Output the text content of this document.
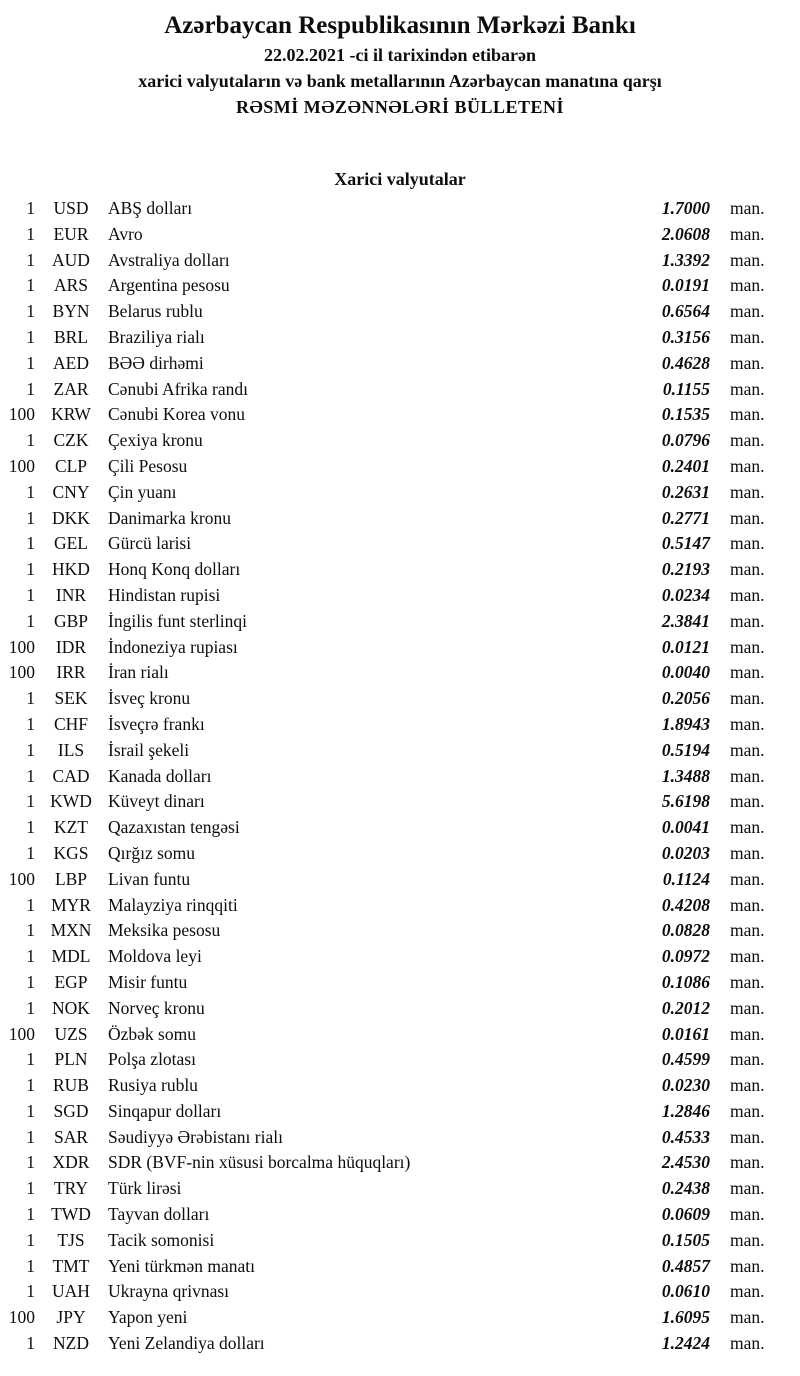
Azərbaycan Respublikasının Mərkəzi Bankı

22.02.2021 -ci il tarixindən etibarən

xarici valyutaların və bank metallarının Azərbaycan manatına qarşı

RƏSMİ MƏZƏNNƏLƏRİ BÜLLETENİ

Xarici valyutalar
1	USD	ABŞ dolları	1.7000 man.
1	EUR	Avro	2.0608 man.
1 AUD	Avstraliya dolları	1.3392 man.
1	ARS	Argentina pesosu	0.0191 man.
1	BYN	Belarus rublu	0.6564 man.
1	BRL	Braziliya rialı	0.3156 man.
1	AED	BƏƏ dirhəmi	0.4628 man.
1	ZAR	Cənubi Afrika randı	0.1155 man.
100 KRW Cənubi Korea vonu	0.1535 man.
1	CZK	Çexiya kronu	0.0796 man.
100	CLP	Çili Pesosu	0.2401 man.
1	CNY	Çin yuanı	0.2631 man.
1 DKK	Danimarka kronu	0.2771 man.
1	GEL	Gürcü larisi	0.5147 man.
1 HKD	Honq Konq dolları	0.2193 man.
1	INR	Hindistan rupisi	0.0234 man.
1	GBP	İngilis funt sterlinqi	2.3841 man.
100	IDR	İndoneziya rupiası	0.0121 man.
100	IRR	İran rialı	0.0040 man.
1	SEK	İsveç kronu	0.2056 man.
1	CHF	İsveçrə frankı	1.8943 man.
1	ILS	İsrail şekeli	0.5194 man.
1	CAD	Kanada dolları	1.3488 man.
1 KWD Küveyt dinarı	5.6198 man.
1	KZT	Qazaxıstan tengəsi	0.0041 man.
1	KGS	Qırğız somu	0.0203 man.
100	LBP	Livan funtu	0.1124 man.
1 MYR Malayziya rinqqiti	0.4208 man.
1 MXN Meksika pesosu	0.0828 man.
1 MDL	Moldova leyi	0.0972 man.
1	EGP	Misir funtu	0.1086 man.
1 NOK	Norveç kronu	0.2012 man.
100	UZS	Özbək somu	0.0161 man.
1	PLN	Polşa zlotası	0.4599 man.
1	RUB	Rusiya rublu	0.0230 man.
1	SGD	Sinqapur dolları	1.2846 man.
1	SAR	Səudiyyə Ərəbistanı rialı	0.4533 man.
1	XDR	SDR (BVF-nin xüsusi borcalma hüquqları)	2.4530 man.
1	TRY	Türk lirəsi	0.2438 man.
1 TWD Tayvan dolları	0.0609 man.
1	TJS	Tacik somonisi	0.1505 man.
1	TMT	Yeni türkmən manatı	0.4857 man.
1 UAH	Ukrayna qrivnası	0.0610 man.
100	JPY	Yapon yeni	1.6095 man.
1	NZD	Yeni Zelandiya dolları	1.2424 man.
